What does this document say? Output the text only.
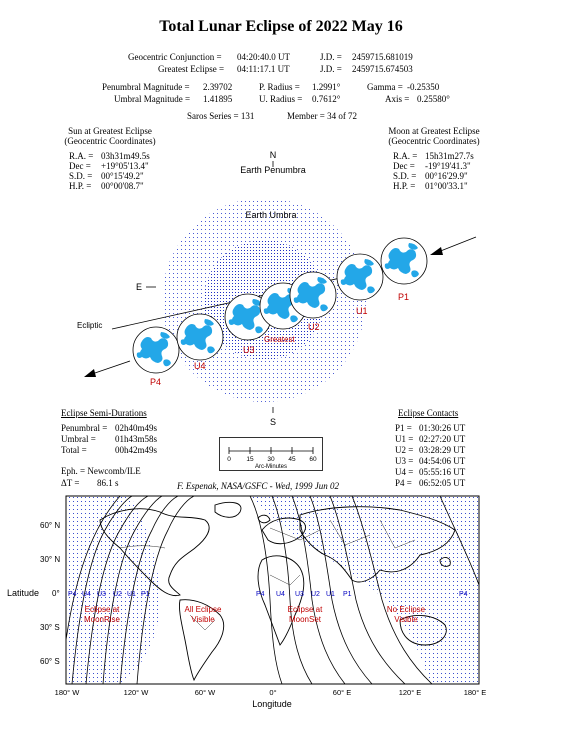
Total Lunar Eclipse of 2022 May 16
Geocentric Conjunction = 04:20:40.0 UT	J.D. = 2459715.681019
Greatest Eclipse = 04:11:17.1 UT	J.D. = 2459715.674503
Penumbral Magnitude = 2.39702	P. Radius = 1.2991°	Gamma = -0.25350
Umbral Magnitude = 1.41895	U. Radius = 0.7612°	Axis = 0.25580°
Saros Series = 131	Member = 34 of 72
Sun at Greatest Eclipse
(Geocentric Coordinates)
R.A. = 03h31m49.5s
Dec = +19°05'13.4"
S.D. = 00°15'49.2"
H.P. = 00°00'08.7"
Moon at Greatest Eclipse
(Geocentric Coordinates)
R.A. = 15h31m27.7s
Dec = -19°19'41.3"
S.D. = 00°16'29.9"
H.P. = 01°00'33.1"
N
Earth Penumbra
Earth Umbra
E
S
Ecliptic
P1
U1
U2
Greatest
U3
U4
P4
Eclipse Semi-Durations
Penumbral = 02h40m49s
Umbral = 01h43m58s
Total =	00h42m49s
Eph. = Newcomb/ILE
ΔT = 86.1 s
0 15 30 45 60
Arc-Minutes
F. Espenak, NASA/GSFC - Wed, 1999 Jun 02
Eclipse Contacts
P1 = 01:30:26 UT
U1 = 02:27:20 UT
U2 = 03:28:29 UT
U3 = 04:54:06 UT
U4 = 05:55:16 UT
P4 = 06:52:05 UT
60° N
30° N
0°
30° S
60° S
Latitude
180° W	120° W	60° W	0°	60° E	120° E	180° E
Longitude
P4 U4 U3 U2 U1 P1	P4 U4 U3 U2 U1 P1	P4
Eclipse at
MoonRise
All Eclipse
Visible
Eclipse at
MoonSet
No Eclipse
Visible
